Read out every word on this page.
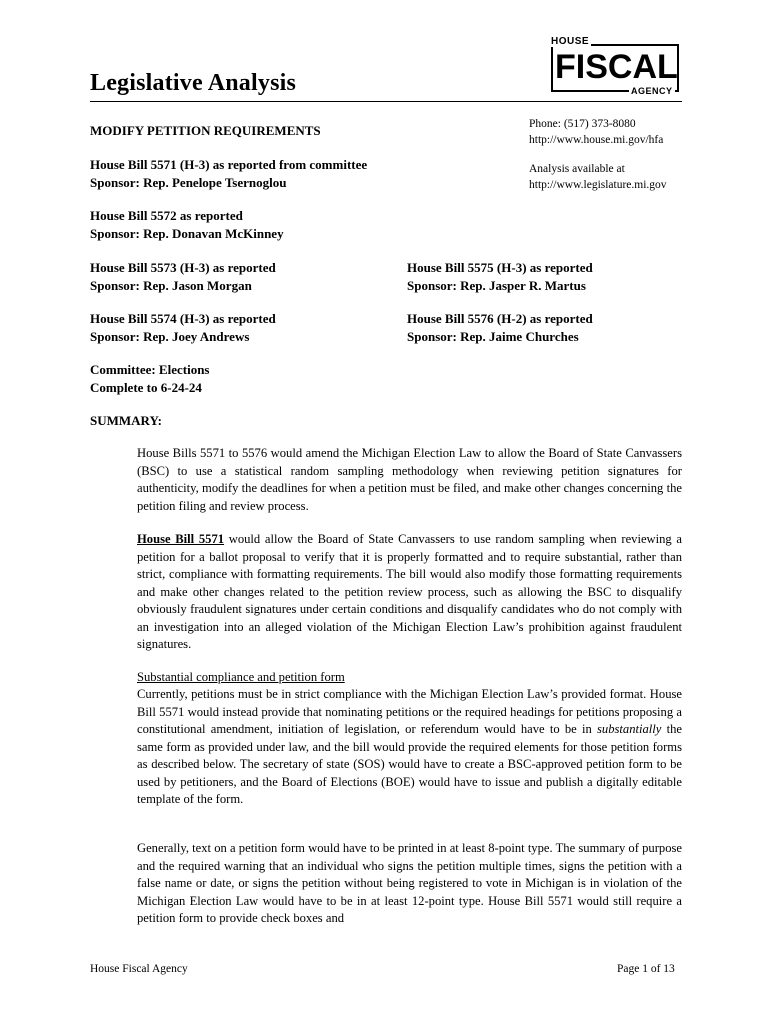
Legislative Analysis
HOUSE
FISCAL
AGENCY
Phone: (517) 373-8080
http://www.house.mi.gov/hfa
Analysis available at
http://www.legislature.mi.gov
MODIFY PETITION REQUIREMENTS
House Bill 5571 (H-3) as reported from committee
Sponsor: Rep. Penelope Tsernoglou
House Bill 5572 as reported
Sponsor: Rep. Donavan McKinney
House Bill 5573 (H-3) as reported
Sponsor: Rep. Jason Morgan
House Bill 5574 (H-3) as reported
Sponsor: Rep. Joey Andrews
House Bill 5575 (H-3) as reported
Sponsor: Rep. Jasper R. Martus
House Bill 5576 (H-2) as reported
Sponsor: Rep. Jaime Churches
Committee: Elections
Complete to 6-24-24
SUMMARY:
House Bills 5571 to 5576 would amend the Michigan Election Law to allow the Board of State Canvassers (BSC) to use a statistical random sampling methodology when reviewing petition signatures for authenticity, modify the deadlines for when a petition must be filed, and make other changes concerning the petition filing and review process.
House Bill 5571 would allow the Board of State Canvassers to use random sampling when reviewing a petition for a ballot proposal to verify that it is properly formatted and to require substantial, rather than strict, compliance with formatting requirements. The bill would also modify those formatting requirements and make other changes related to the petition review process, such as allowing the BSC to disqualify obviously fraudulent signatures under certain conditions and disqualify candidates who do not comply with an investigation into an alleged violation of the Michigan Election Law’s prohibition against fraudulent signatures.
Substantial compliance and petition form
Currently, petitions must be in strict compliance with the Michigan Election Law’s provided format. House Bill 5571 would instead provide that nominating petitions or the required headings for petitions proposing a constitutional amendment, initiation of legislation, or referendum would have to be in substantially the same form as provided under law, and the bill would provide the required elements for those petition forms as described below. The secretary of state (SOS) would have to create a BSC-approved petition form to be used by petitioners, and the Board of Elections (BOE) would have to issue and publish a digitally editable template of the form.
Generally, text on a petition form would have to be printed in at least 8-point type. The summary of purpose and the required warning that an individual who signs the petition multiple times, signs the petition with a false name or date, or signs the petition without being registered to vote in Michigan is in violation of the Michigan Election Law would have to be in at least 12-point type. House Bill 5571 would still require a petition form to provide check boxes and
House Fiscal Agency	Page 1 of 13
